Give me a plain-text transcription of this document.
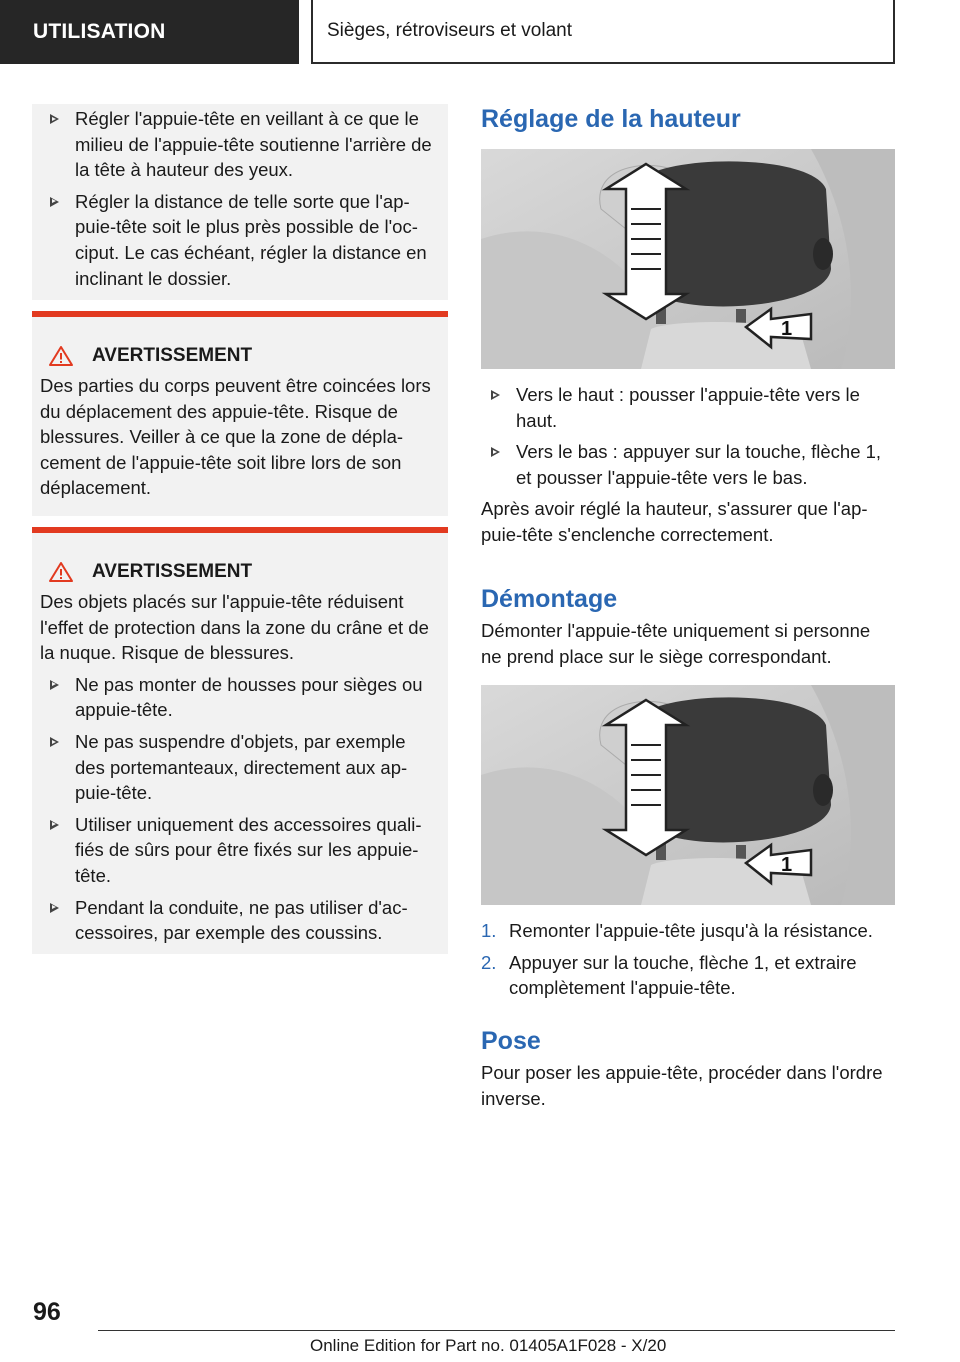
UTILISATION	Sièges, rétroviseurs et volant
Régler l'appuie-tête en veillant à ce que le milieu de l'appuie-tête soutienne l'arrière de la tête à hauteur des yeux.
Régler la distance de telle sorte que l'ap-puie-tête soit le plus près possible de l'oc-ciput. Le cas échéant, régler la distance en inclinant le dossier.
AVERTISSEMENT
Des parties du corps peuvent être coincées lors du déplacement des appuie-tête. Risque de blessures. Veiller à ce que la zone de dépla-cement de l'appuie-tête soit libre lors de son déplacement.
AVERTISSEMENT
Des objets placés sur l'appuie-tête réduisent l'effet de protection dans la zone du crâne et de la nuque. Risque de blessures.
Ne pas monter de housses pour sièges ou appuie-tête.
Ne pas suspendre d'objets, par exemple des portemanteaux, directement aux ap-puie-tête.
Utiliser uniquement des accessoires quali-fiés de sûrs pour être fixés sur les appuie-tête.
Pendant la conduite, ne pas utiliser d'ac-cessoires, par exemple des coussins.
Réglage de la hauteur
1
Vers le haut : pousser l'appuie-tête vers le haut.
Vers le bas : appuyer sur la touche, flèche 1, et pousser l'appuie-tête vers le bas.
Après avoir réglé la hauteur, s'assurer que l'ap-puie-tête s'enclenche correctement.
Démontage
Démonter l'appuie-tête uniquement si personne ne prend place sur le siège correspondant.
1
1. Remonter l'appuie-tête jusqu'à la résistance.
2. Appuyer sur la touche, flèche 1, et extraire complètement l'appuie-tête.
Pose
Pour poser les appuie-tête, procéder dans l'ordre inverse.
96
Online Edition for Part no. 01405A1F028 - X/20
